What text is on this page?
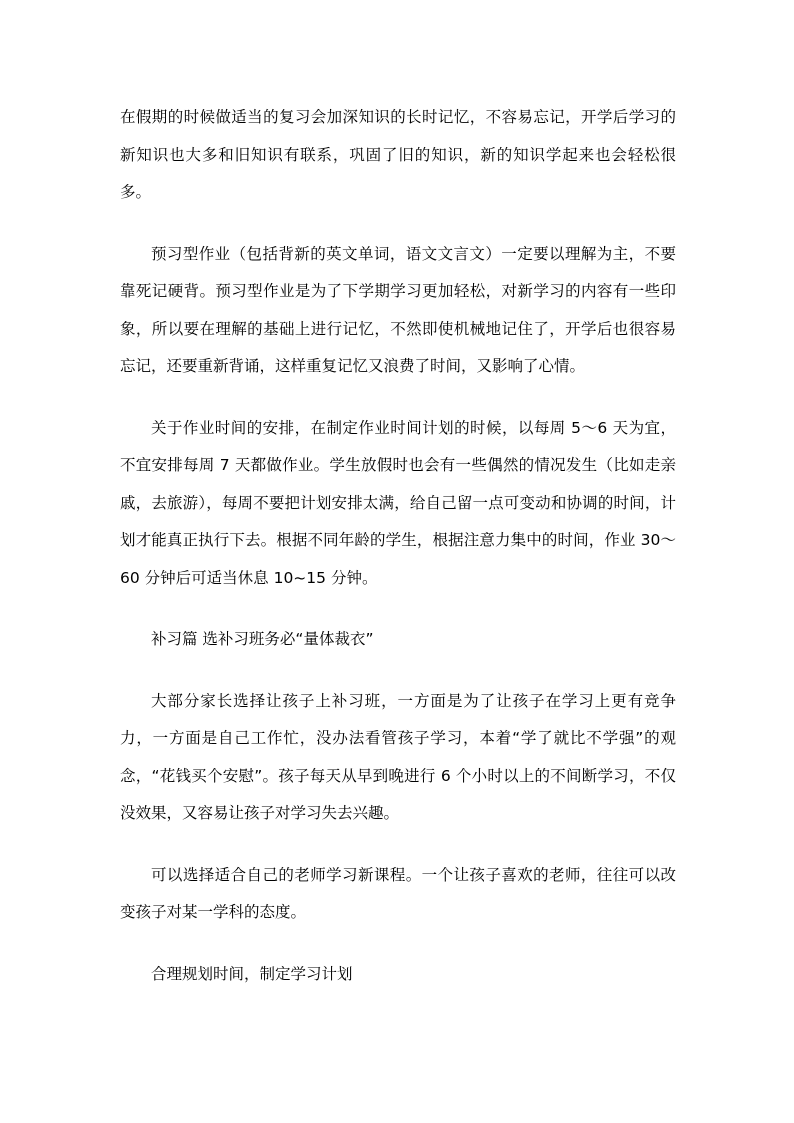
在假期的时候做适当的复习会加深知识的长时记忆，不容易忘记，开学后学习的新知识也大多和旧知识有联系，巩固了旧的知识，新的知识学起来也会轻松很多。

预习型作业（包括背新的英文单词，语文文言文）一定要以理解为主，不要靠死记硬背。预习型作业是为了下学期学习更加轻松，对新学习的内容有一些印象，所以要在理解的基础上进行记忆，不然即使机械地记住了，开学后也很容易忘记，还要重新背诵，这样重复记忆又浪费了时间，又影响了心情。

关于作业时间的安排，在制定作业时间计划的时候，以每周 5～6 天为宜，不宜安排每周 7 天都做作业。学生放假时也会有一些偶然的情况发生（比如走亲戚，去旅游），每周不要把计划安排太满，给自己留一点可变动和协调的时间，计划才能真正执行下去。根据不同年龄的学生，根据注意力集中的时间，作业 30～60 分钟后可适当休息 10~15 分钟。

补习篇 选补习班务必“量体裁衣”

大部分家长选择让孩子上补习班，一方面是为了让孩子在学习上更有竞争力，一方面是自己工作忙，没办法看管孩子学习，本着“学了就比不学强”的观念，“花钱买个安慰”。孩子每天从早到晚进行 6 个小时以上的不间断学习，不仅没效果，又容易让孩子对学习失去兴趣。

可以选择适合自己的老师学习新课程。一个让孩子喜欢的老师，往往可以改变孩子对某一学科的态度。

合理规划时间，制定学习计划
